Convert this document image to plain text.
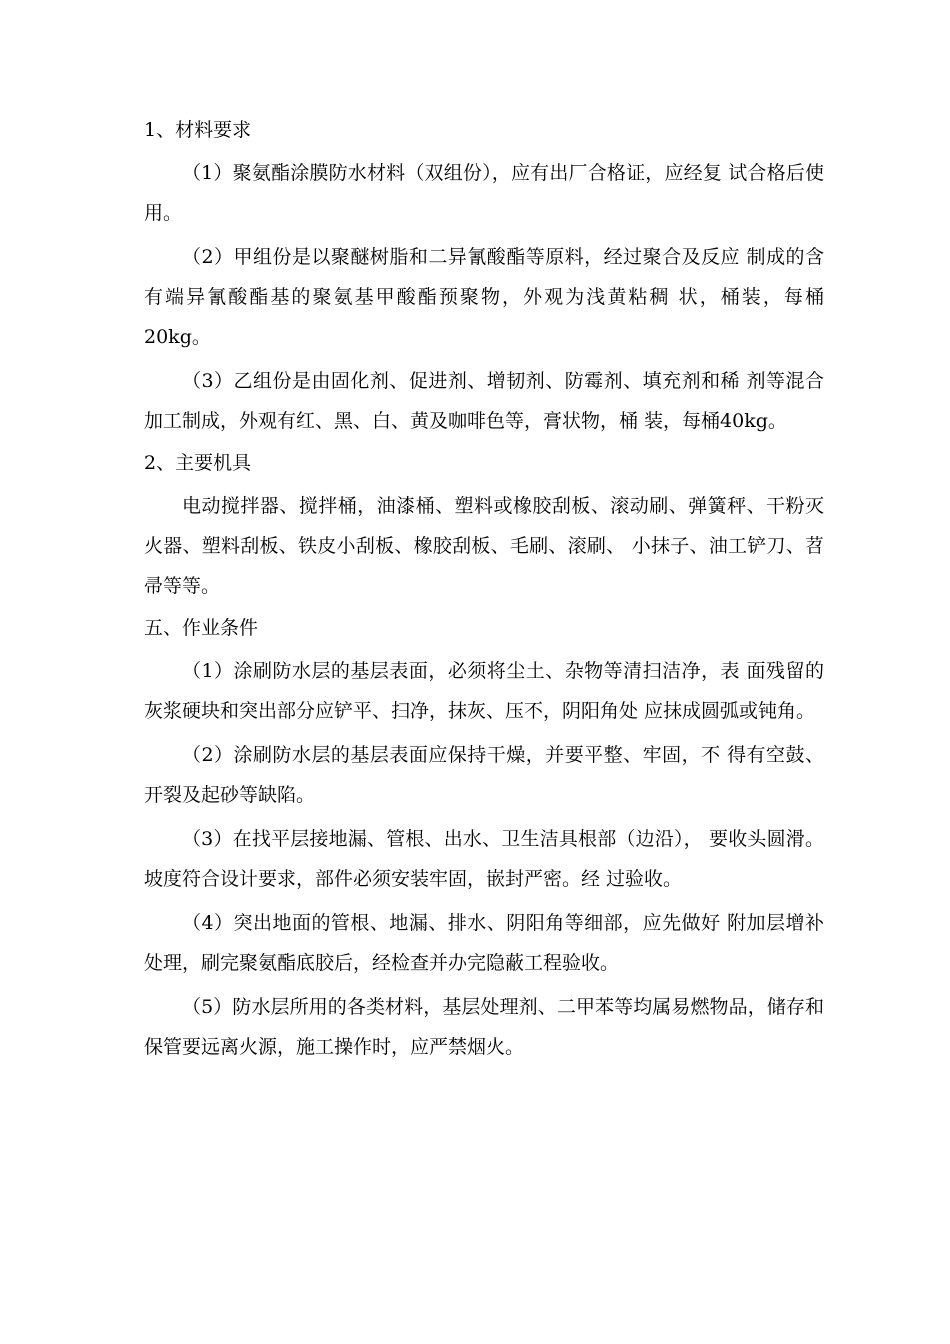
1、材料要求

（1）聚氨酯涂膜防水材料（双组份），应有出厂合格证，应经复 试合格后使用。

（2）甲组份是以聚醚树脂和二异氰酸酯等原料，经过聚合及反应 制成的含有端异氰酸酯基的聚氨基甲酸酯预聚物，外观为浅黄粘稠 状，桶装，每桶20kg。

（3）乙组份是由固化剂、促进剂、增韧剂、防霉剂、填充剂和稀 剂等混合加工制成，外观有红、黑、白、黄及咖啡色等，膏状物，桶 装，每桶40kg。

2、主要机具

电动搅拌器、搅拌桶，油漆桶、塑料或橡胶刮板、滚动刷、弹簧秤、干粉灭火器、塑料刮板、铁皮小刮板、橡胶刮板、毛刷、滚刷、 小抹子、油工铲刀、苕帚等等。

五、作业条件

（1）涂刷防水层的基层表面，必须将尘土、杂物等清扫洁净，表 面残留的灰浆硬块和突出部分应铲平、扫净，抹灰、压不，阴阳角处 应抹成圆弧或钝角。

（2）涂刷防水层的基层表面应保持干燥，并要平整、牢固，不 得有空鼓、开裂及起砂等缺陷。

（3）在找平层接地漏、管根、出水、卫生洁具根部（边沿）， 要收头圆滑。坡度符合设计要求，部件必须安装牢固，嵌封严密。经 过验收。

（4）突出地面的管根、地漏、排水、阴阳角等细部，应先做好 附加层增补处理，刷完聚氨酯底胶后，经检查并办完隐蔽工程验收。

（5）防水层所用的各类材料，基层处理剂、二甲苯等均属易燃物品，储存和保管要远离火源，施工操作时，应严禁烟火。
